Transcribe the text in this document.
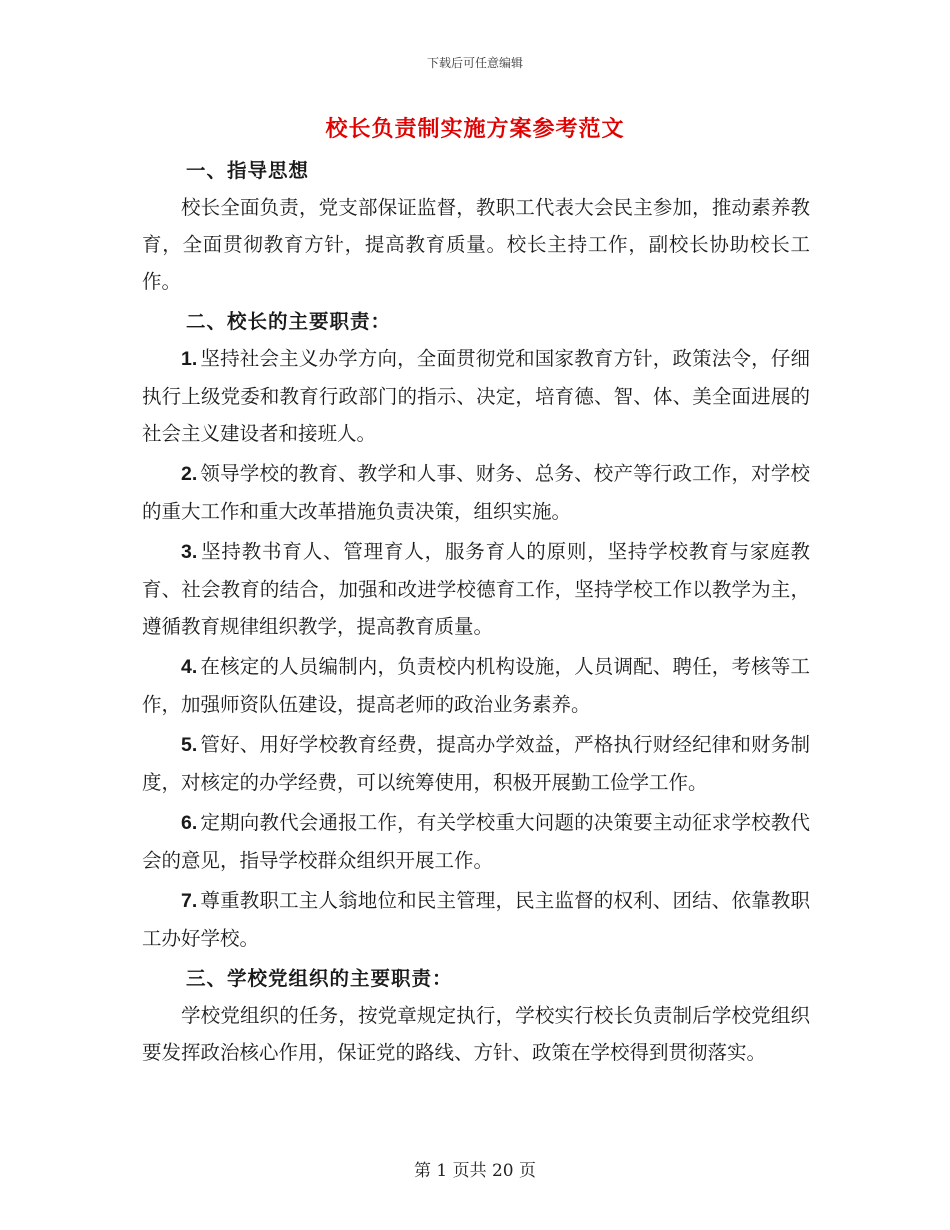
下载后可任意编辑
校长负责制实施方案参考范文
一、指导思想

校长全面负责，党支部保证监督，教职工代表大会民主参加，推动素养教育，全面贯彻教育方针，提高教育质量。校长主持工作，副校长协助校长工作。

二、校长的主要职责：

1. 坚持社会主义办学方向，全面贯彻党和国家教育方针，政策法令，仔细执行上级党委和教育行政部门的指示、决定，培育德、智、体、美全面进展的社会主义建设者和接班人。

2. 领导学校的教育、教学和人事、财务、总务、校产等行政工作，对学校的重大工作和重大改革措施负责决策，组织实施。

3. 坚持教书育人、管理育人，服务育人的原则，坚持学校教育与家庭教育、社会教育的结合，加强和改进学校德育工作，坚持学校工作以教学为主，遵循教育规律组织教学，提高教育质量。

4. 在核定的人员编制内，负责校内机构设施，人员调配、聘任，考核等工作，加强师资队伍建设，提高老师的政治业务素养。

5. 管好、用好学校教育经费，提高办学效益，严格执行财经纪律和财务制度，对核定的办学经费，可以统筹使用，积极开展勤工俭学工作。

6. 定期向教代会通报工作，有关学校重大问题的决策要主动征求学校教代会的意见，指导学校群众组织开展工作。

7. 尊重教职工主人翁地位和民主管理，民主监督的权利、团结、依靠教职工办好学校。

三、学校党组织的主要职责：

学校党组织的任务，按党章规定执行，学校实行校长负责制后学校党组织要发挥政治核心作用，保证党的路线、方针、政策在学校得到贯彻落实。

第 1 页共 20 页
